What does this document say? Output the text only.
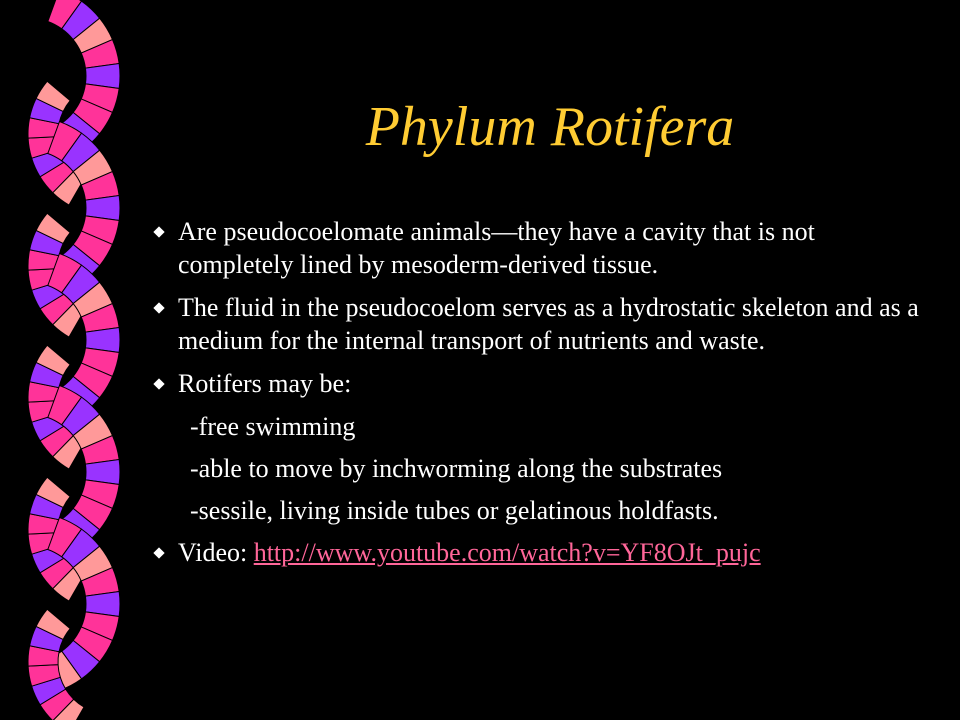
Phylum Rotifera
Are pseudocoelomate animals—they have a cavity that is not completely lined by mesoderm-derived tissue.
The fluid in the pseudocoelom serves as a hydrostatic skeleton and as a medium for the internal transport of nutrients and waste.
Rotifers may be:
-free swimming
-able to move by inchworming along the substrates
-sessile, living inside tubes or gelatinous holdfasts.
Video: http://www.youtube.com/watch?v=YF8OJt_pujc
